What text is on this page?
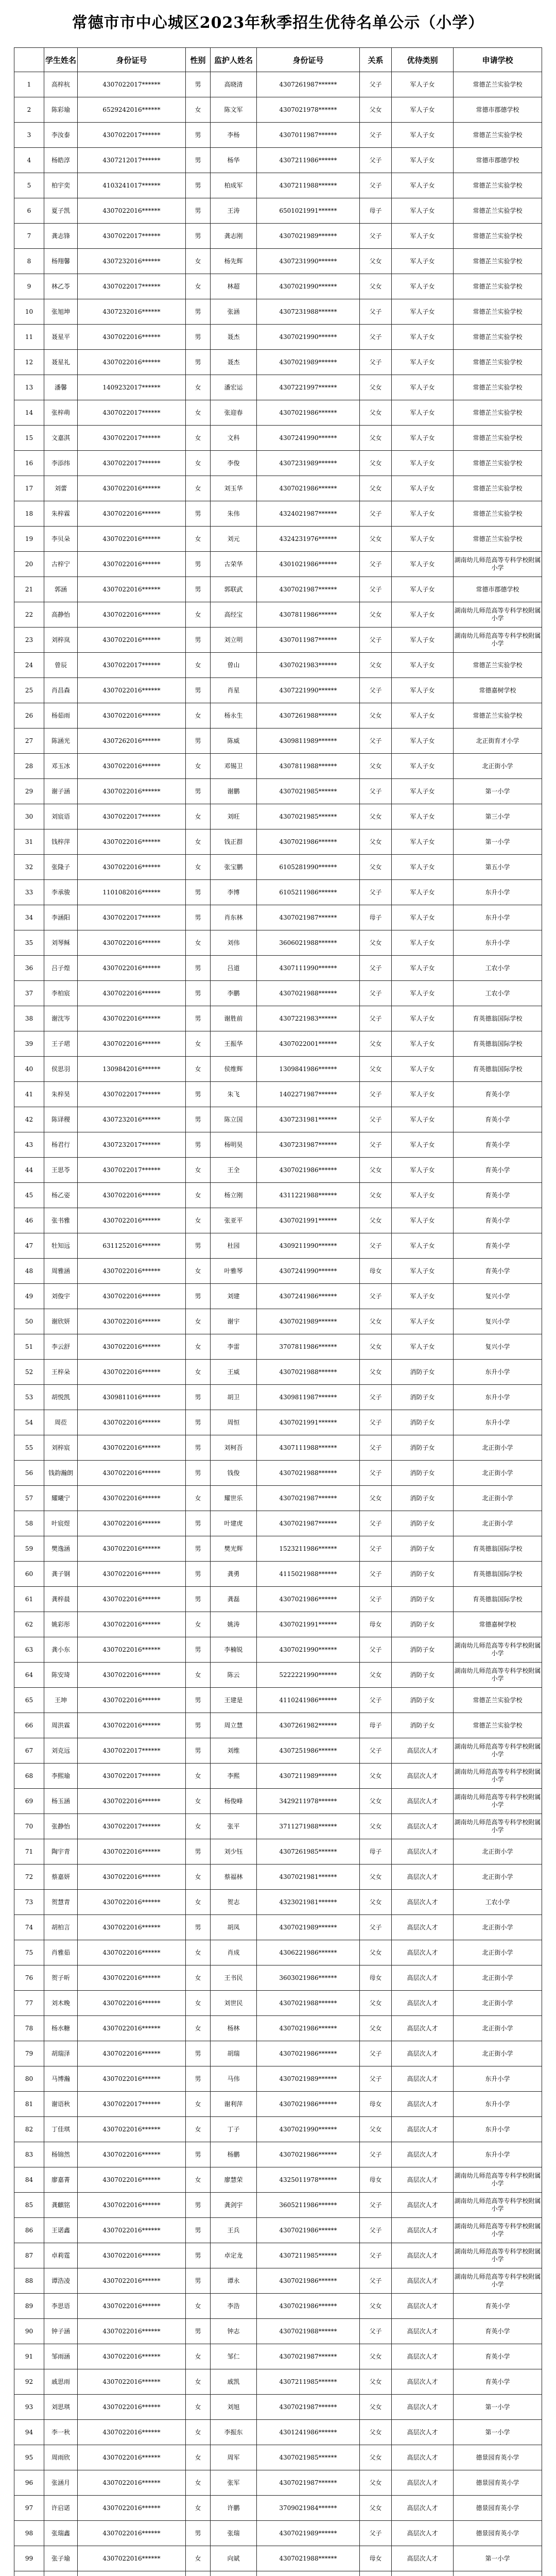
常德市市中心城区2023年秋季招生优待名单公示（小学）
	学生姓名	身份证号	性别	监护人姓名	身份证号	关系	优待类别	申请学校
1	高梓杭	4307022017******	男	高晓清	4307261987******	父子	军人子女	常德芷兰实验学校
2	陈彩瑜	6529242016******	女	陈文军	4307021978******	父女	军人子女	常德市郡德学校
3	李汝泰	4307022017******	男	李杨	4307011987******	父子	军人子女	常德芷兰实验学校
4	杨皓淳	4307212017******	男	杨华	4307211986******	父子	军人子女	常德市郡德学校
5	柏宇奕	4103241017******	男	柏成军	4307211988******	父子	军人子女	常德芷兰实验学校
6	夏子凯	4307022016******	男	王涛	6501021991******	母子	军人子女	常德芷兰实验学校
7	龚志锋	4307022017******	男	龚志刚	4307021989******	父子	军人子女	常德芷兰实验学校
8	杨翔馨	4307232016******	女	杨先辉	4307231990******	父女	军人子女	常德芷兰实验学校
9	林乙苓	4307022017******	女	林超	4307021990******	父女	军人子女	常德芷兰实验学校
10	张旭坤	4307232016******	男	张涵	4307231988******	父子	军人子女	常德芷兰实验学校
11	聂星平	4307022016******	男	聂杰	4307021990******	父子	军人子女	常德芷兰实验学校
12	聂星礼	4307022016******	男	聂杰	4307021989******	父子	军人子女	常德芷兰实验学校
13	潘馨	1409232017******	女	潘宏运	4307221997******	父女	军人子女	常德芷兰实验学校
14	张梓萌	4307022017******	女	张迎春	4307021986******	父女	军人子女	常德芷兰实验学校
15	文嘉淇	4307022017******	女	文科	4307241990******	父女	军人子女	常德芷兰实验学校
16	李添纬	4307022017******	女	李俊	4307231989******	父女	军人子女	常德芷兰实验学校
17	刘蕾	4307022016******	女	刘玉华	4307021986******	父女	军人子女	常德芷兰实验学校
18	朱梓霖	4307022016******	男	朱伟	4324021987******	父子	军人子女	常德芷兰实验学校
19	李贝朵	4307022016******	女	刘元	4324231976******	父女	军人子女	常德芷兰实验学校
20	古梓宁	4307022016******	男	古荣华	4301021986******	父子	军人子女	湖南幼儿师范高等专科学校附属小学
21	郭涵	4307022016******	男	郭联武	4307021987******	父子	军人子女	常德市郡德学校
22	高静怡	4307022016******	女	高经宝	4307811986******	父女	军人子女	湖南幼儿师范高等专科学校附属小学
23	刘梓岚	4307022016******	男	刘立明	4307011987******	父子	军人子女	湖南幼儿师范高等专科学校附属小学
24	曾辰	4307022017******	女	曾山	4307021983******	父女	军人子女	常德芷兰实验学校
25	肖昌森	4307022016******	男	肖星	4307221990******	父子	军人子女	常德嘉树学校
26	杨茹雨	4307022016******	女	杨永生	4307261988******	父女	军人子女	常德芷兰实验学校
27	陈涵光	4307262016******	男	陈威	4309811989******	父子	军人子女	北正街育才小学
28	邓玉冰	4307022016******	女	邓锡卫	4307811988******	父女	军人子女	北正街小学
29	谢子涵	4307022016******	男	谢鹏	4307021985******	父子	军人子女	第一小学
30	刘宸语	4307022017******	女	刘旺	4307021985******	父女	军人子女	第三小学
31	钱梓萍	4307022016******	女	钱正群	4307021986******	父女	军人子女	第一小学
32	张隆子	4307022016******	女	张宝鹏	6105281990******	父女	军人子女	第五小学
33	李承骏	1101082016******	男	李博	6105211986******	父子	军人子女	东升小学
34	李涵阳	4307022017******	男	肖东林	4307021987******	母子	军人子女	东升小学
35	刘琴稣	4307022016******	女	刘伟	3606021988******	父女	军人子女	东升小学
36	吕子煌	4307022016******	男	吕道	4307111990******	父子	军人子女	工农小学
37	李柏宸	4307022016******	男	李鹏	4307021988******	父子	军人子女	工农小学
38	谢沈岑	4307022016******	男	谢胜前	4307221983******	父子	军人子女	育英德翁国际学校
39	王子珺	4307022016******	女	王振华	4307022001******	父女	军人子女	育英德翁国际学校
40	侯思羽	1309842016******	女	侯维辉	1309841986******	父女	军人子女	育英德翁国际学校
41	朱梓昊	4307022017******	男	朱飞	1402271987******	父子	军人子女	育英小学
42	陈译稷	4307232016******	男	陈立国	4307231981******	父子	军人子女	育英小学
43	杨君行	4307232017******	男	杨明昊	4307231987******	父子	军人子女	育英小学
44	王思苓	4307022017******	女	王全	4307021986******	父女	军人子女	育英小学
45	杨乙姿	4307022016******	女	杨立刚	4311221988******	父女	军人子女	育英小学
46	张书雅	4307022016******	女	张亚平	4307021991******	父女	军人子女	育英小学
47	牡知远	6311252016******	男	杜园	4309211990******	父子	军人子女	育英小学
48	周雅涵	4307022016******	女	叶雅琴	4307241990******	母女	军人子女	育英小学
49	刘俊宇	4307022016******	男	刘建	4307241986******	父子	军人子女	复兴小学
50	谢欣妍	4307022016******	女	谢宇	4307021989******	父女	军人子女	复兴小学
51	李云舒	4307022016******	女	李雷	3707811986******	父女	军人子女	复兴小学
52	王梓朵	4307022016******	女	王威	4307021988******	父女	消防子女	东升小学
53	胡悦凯	4309811016******	男	胡卫	4309811987******	父子	消防子女	东升小学
54	周莅	4307022016******	男	周恒	4307021991******	父子	消防子女	东升小学
55	刘梓宸	4307022016******	男	刘柯吾	4307111988******	父子	消防子女	北正街小学
56	钱韵瀚朗	4307022016******	男	钱俊	4307021988******	父子	消防子女	北正街小学
57	耀曦宁	4307022016******	女	耀世乐	4307021987******	父女	消防子女	北正街小学
58	叶宸煜	4307022016******	男	叶建虎	4307021987******	父子	消防子女	北正街小学
59	樊逸涵	4307022016******	男	樊光辉	1523211986******	父子	消防子女	育英德翁国际学校
60	龚子钢	4307022016******	男	龚勇	4115021988******	父子	消防子女	育英德翁国际学校
61	龚梓晨	4307022016******	男	龚磊	4307021986******	父子	消防子女	育英德翁国际学校
62	姚彩彤	4307022016******	女	姚涛	4307021991******	母女	消防子女	常德嘉树学校
63	龚小东	4307022016******	男	李楠锐	4307021990******	父子	消防子女	湖南幼儿师范高等专科学校附属小学
64	陈安琦	4307022016******	女	陈云	5222221990******	父女	消防子女	湖南幼儿师范高等专科学校附属小学
65	王坤	4307022016******	男	王建是	4110241986******	父子	消防子女	常德芷兰实验学校
66	周洪霖	4307022016******	男	周立慧	4307261982******	母子	消防子女	常德芷兰实验学校
67	刘克远	4307022017******	男	刘维	4307251986******	父子	高层次人才	湖南幼儿师范高等专科学校附属小学
68	李熙瑜	4307022017******	女	李熙	4307211989******	父女	高层次人才	湖南幼儿师范高等专科学校附属小学
69	杨玉涵	4307022016******	女	杨俊峰	3429211978******	父女	高层次人才	湖南幼儿师范高等专科学校附属小学
70	张静怡	4307022017******	女	张平	3711271988******	父女	高层次人才	湖南幼儿师范高等专科学校附属小学
71	陶宇青	4307022016******	男	刘少钰	4307261985******	母子	高层次人才	北正街小学
72	蔡嘉妍	4307022016******	女	蔡福林	4307021981******	父女	高层次人才	北正街小学
73	贺慧青	4307022016******	女	贺志	4323021981******	父女	高层次人才	工农小学
74	胡柏言	4307022016******	男	胡凤	4307021989******	父子	高层次人才	北正街小学
75	肖雅茹	4307022016******	女	肖成	4306221986******	父女	高层次人才	北正街小学
76	贺子昕	4307022016******	女	王书民	3603021986******	母女	高层次人才	北正街小学
77	刘木晚	4307022016******	女	刘世民	4307021988******	父女	高层次人才	北正街小学
78	杨水糖	4307022016******	女	杨林	4307021986******	父女	高层次人才	北正街小学
79	胡瑞泽	4307022016******	男	胡瑞	4307021986******	父子	高层次人才	北正街小学
80	马博瀚	4307022016******	男	马伟	4307021989******	父子	高层次人才	东升小学
81	谢语秋	4307022017******	女	谢利萍	4307021986******	母女	高层次人才	东升小学
82	丁佳琪	4307022016******	女	丁子	4307021990******	父女	高层次人才	东升小学
83	杨锦然	4307022016******	男	杨鹏	4307021986******	父子	高层次人才	东升小学
84	廖嘉菁	4307022016******	女	廖慧荣	4325011978******	母女	高层次人才	湖南幼儿师范高等专科学校附属小学
85	龚麒铭	4307022016******	男	龚剑宇	3605211986******	父子	高层次人才	湖南幼儿师范高等专科学校附属小学
86	王诺鑫	4307022016******	男	王兵	4307021986******	父子	高层次人才	湖南幼儿师范高等专科学校附属小学
87	卓莉霆	4307022016******	男	卓定龙	4307211985******	父子	高层次人才	湖南幼儿师范高等专科学校附属小学
88	谭浩凌	4307022016******	男	谭永	4307021986******	父子	高层次人才	湖南幼儿师范高等专科学校附属小学
89	李思语	4307022016******	女	李浩	4307021986******	父女	高层次人才	育英小学
90	钟子涵	4307022016******	男	钟志	4307021988******	父子	高层次人才	育英小学
91	邹雨涵	4307022016******	女	邹仁	4307021987******	父女	高层次人才	育英小学
92	戚思雨	4307022016******	女	戚凯	4307211985******	父女	高层次人才	育英小学
93	刘思琪	4307022016******	女	刘旭	4307021987******	父女	高层次人才	第一小学
94	李一秋	4307022016******	女	李振东	4301241986******	父女	高层次人才	第一小学
95	周雨欣	4307022016******	女	周军	4307021985******	父女	高层次人才	德景园育英小学
96	张涵月	4307022016******	女	张军	4307021987******	父女	高层次人才	德景园育英小学
97	许启诺	4307022016******	女	许鹏	3709021984******	父女	高层次人才	德景园育英小学
98	张瑞鑫	4307022016******	男	张瑞	4307021989******	父子	高层次人才	德景园育英小学
99	张子瑜	4307022016******	女	向斌	4307021988******	母女	高层次人才	第一小学
